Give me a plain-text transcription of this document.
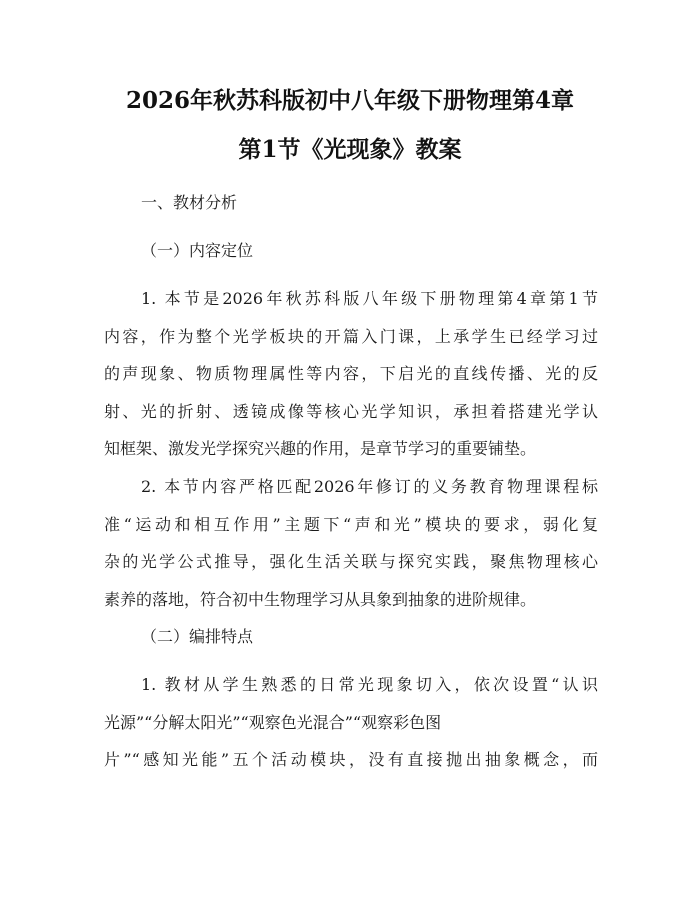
2026年秋苏科版初中八年级下册物理第4章
第1节《光现象》教案
一、教材分析
（一）内容定位
1. 本节是2026年秋苏科版八年级下册物理第4章第1节
内容，作为整个光学板块的开篇入门课，上承学生已经学习过
的声现象、物质物理属性等内容，下启光的直线传播、光的反
射、光的折射、透镜成像等核心光学知识，承担着搭建光学认
知框架、激发光学探究兴趣的作用，是章节学习的重要铺垫。
2. 本节内容严格匹配2026年修订的义务教育物理课程标
准“运动和相互作用”主题下“声和光”模块的要求，弱化复
杂的光学公式推导，强化生活关联与探究实践，聚焦物理核心
素养的落地，符合初中生物理学习从具象到抽象的进阶规律。
（二）编排特点
1. 教材从学生熟悉的日常光现象切入，依次设置“认识
光源”“分解太阳光”“观察色光混合”“观察彩色图
片”“感知光能”五个活动模块，没有直接抛出抽象概念，而
